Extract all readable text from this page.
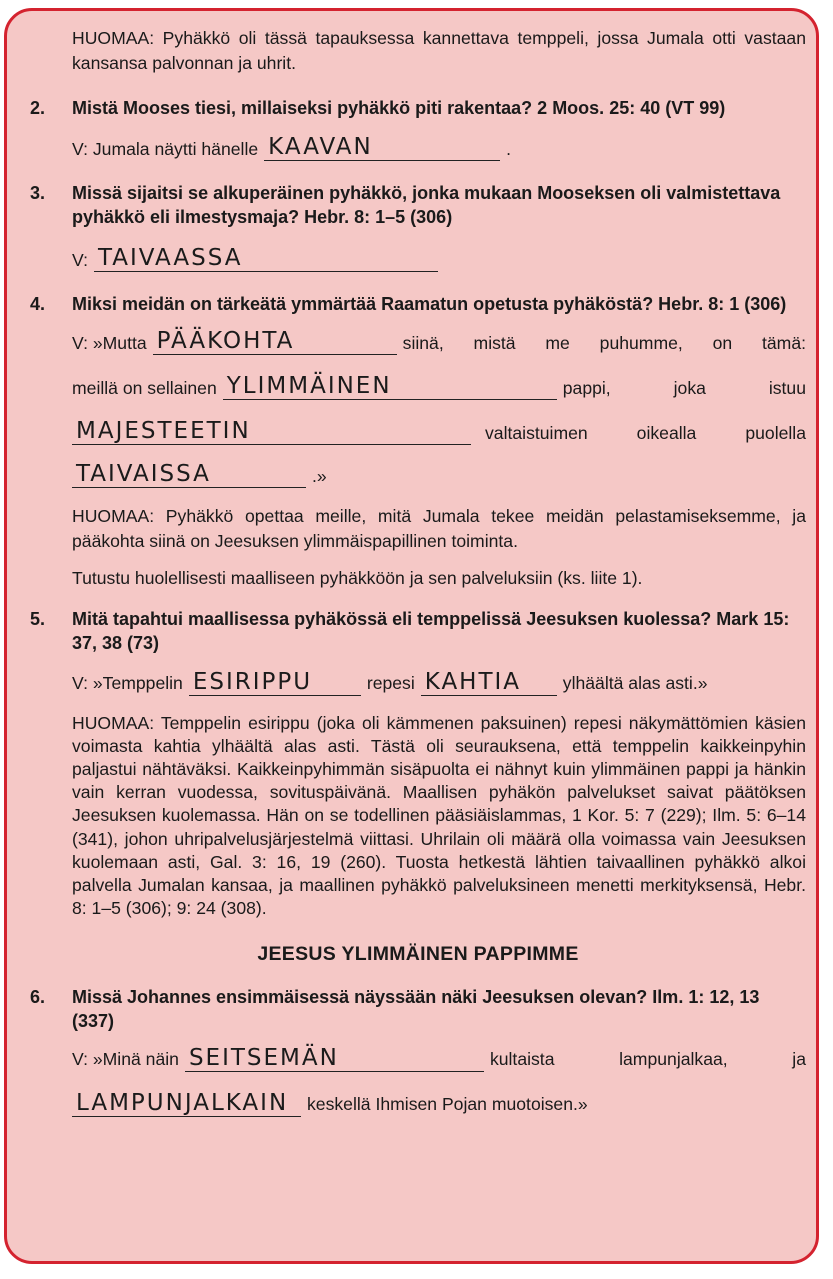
HUOMAA: Pyhäkkö oli tässä tapauksessa kannettava temppeli, jossa Jumala otti vastaan kansansa palvonnan ja uhrit.

2.	Mistä Mooses tiesi, millaiseksi pyhäkkö piti rakentaa? 2 Moos. 25: 40 (VT 99)
V: Jumala näytti hänelle KAAVAN	.
3.	Missä sijaitsi se alkuperäinen pyhäkkö, jonka mukaan Mooseksen oli valmistettava pyhäkkö eli ilmestysmaja? Hebr. 8: 1–5 (306)
V: TAIVAASSA
4.	Miksi meidän on tärkeätä ymmärtää Raamatun opetusta pyhäköstä? Hebr. 8: 1 (306)
V: »Mutta PÄÄKOHTA	siinä, mistä me puhumme, on tämä:
meillä on sellainen YLIMMÄINEN	pappi, joka istuu
MAJESTEETIN	valtaistuimen oikealla puolella
TAIVAISSA	.»

HUOMAA: Pyhäkkö opettaa meille, mitä Jumala tekee meidän pelastamiseksemme, ja pääkohta siinä on Jeesuksen ylimmäispapillinen toiminta.

Tutustu huolellisesti maalliseen pyhäkköön ja sen palveluksiin (ks. liite 1).

5.	Mitä tapahtui maallisessa pyhäkössä eli temppelissä Jeesuksen kuolessa? Mark 15: 37, 38 (73)
V: »Temppelin ESIRIPPU	repesi KAHTIA	ylhäältä alas asti.»

HUOMAA: Temppelin esirippu (joka oli kämmenen paksuinen) repesi näkymättömien käsien voimasta kahtia ylhäältä alas asti. Tästä oli seurauksena, että temppelin kaikkeinpyhin paljastui nähtäväksi. Kaikkeinpyhimmän sisäpuolta ei nähnyt kuin ylimmäinen pappi ja hänkin vain kerran vuodessa, sovituspäivänä. Maallisen pyhäkön palvelukset saivat päätöksen Jeesuksen kuolemassa. Hän on se todellinen pääsiäislammas, 1 Kor. 5: 7 (229); Ilm. 5: 6–14 (341), johon uhripalvelusjärjestelmä viittasi. Uhrilain oli määrä olla voimassa vain Jeesuksen kuolemaan asti, Gal. 3: 16, 19 (260). Tuosta hetkestä lähtien taivaallinen pyhäkkö alkoi palvella Jumalan kansaa, ja maallinen pyhäkkö palveluksineen menetti merkityksensä, Hebr. 8: 1–5 (306); 9: 24 (308).

JEESUS YLIMMÄINEN PAPPIMME
6.	Missä Johannes ensimmäisessä näyssään näki Jeesuksen olevan? Ilm. 1: 12, 13 (337)
V: »Minä näin SEITSEMÄN	kultaista lampunjalkaa, ja
LAMPUNJALKAIN	keskellä Ihmisen Pojan muotoisen.»
